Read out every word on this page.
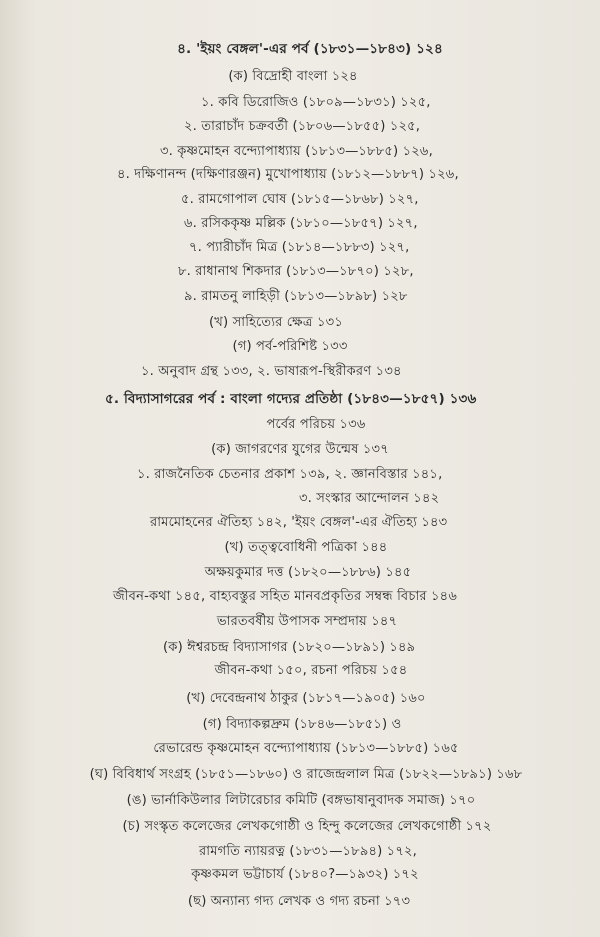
৪. 'ইয়ং বেঙ্গল'-এর পর্ব (১৮৩১—১৮৪৩) ১২৪
(ক) বিদ্রোহী বাংলা ১২৪
১. কবি ডিরোজিও (১৮০৯—১৮৩১) ১২৫,
২. তারাচাঁদ চক্রবর্তী (১৮০৬—১৮৫৫) ১২৫,
৩. কৃষ্ণমোহন বন্দ্যোপাধ্যায় (১৮১৩—১৮৮৫) ১২৬,
৪. দক্ষিণানন্দ (দক্ষিণারঞ্জন) মুখোপাধ্যায় (১৮১২—১৮৮৭) ১২৬,
৫. রামগোপাল ঘোষ (১৮১৫—১৮৬৮) ১২৭,
৬. রসিককৃষ্ণ মল্লিক (১৮১০—১৮৫৭) ১২৭,
৭. প্যারীচাঁদ মিত্র (১৮১৪—১৮৮৩) ১২৭,
৮. রাধানাথ শিকদার (১৮১৩—১৮৭০) ১২৮,
৯. রামতনু লাহিড়ী (১৮১৩—১৮৯৮) ১২৮
(খ) সাহিত্যের ক্ষেত্র ১৩১
(গ) পর্ব-পরিশিষ্ট ১৩৩
১. অনুবাদ গ্রন্থ ১৩৩, ২. ভাষারূপ-স্থিরীকরণ ১৩৪
৫. বিদ্যাসাগরের পর্ব : বাংলা গদ্যের প্রতিষ্ঠা (১৮৪৩—১৮৫৭) ১৩৬
পর্বের পরিচয় ১৩৬
(ক) জাগরণের যুগের উন্মেষ ১৩৭
১. রাজনৈতিক চেতনার প্রকাশ ১৩৯, ২. জ্ঞানবিস্তার ১৪১,
৩. সংস্কার আন্দোলন ১৪২
রামমোহনের ঐতিহ্য ১৪২, 'ইয়ং বেঙ্গল'-এর ঐতিহ্য ১৪৩
(খ) তত্ত্ববোধিনী পত্রিকা ১৪৪
অক্ষয়কুমার দত্ত (১৮২০—১৮৮৬) ১৪৫
জীবন-কথা ১৪৫, বাহ্যবস্তুর সহিত মানবপ্রকৃতির সম্বন্ধ বিচার ১৪৬
ভারতবর্ষীয় উপাসক সম্প্রদায় ১৪৭
(ক) ঈশ্বরচন্দ্র বিদ্যাসাগর (১৮২০—১৮৯১) ১৪৯
জীবন-কথা ১৫০, রচনা পরিচয় ১৫৪
(খ) দেবেন্দ্রনাথ ঠাকুর (১৮১৭—১৯০৫) ১৬০
(গ) বিদ্যাকল্পদ্রুম (১৮৪৬—১৮৫১) ও
রেভারেন্ড কৃষ্ণমোহন বন্দ্যোপাধ্যায় (১৮১৩—১৮৮৫) ১৬৫
(ঘ) বিবিধার্থ সংগ্রহ (১৮৫১—১৮৬০) ও রাজেন্দ্রলাল মিত্র (১৮২২—১৮৯১) ১৬৮
(ঙ) ভার্নাকিউলার লিটারেচার কমিটি (বঙ্গভাষানুবাদক সমাজ) ১৭০
(চ) সংস্কৃত কলেজের লেখকগোষ্ঠী ও হিন্দু কলেজের লেখকগোষ্ঠী ১৭২
রামগতি ন্যায়রত্ন (১৮৩১—১৮৯৪) ১৭২,
কৃষ্ণকমল ভট্টাচার্য (১৮৪০?—১৯৩২) ১৭২
(ছ) অন্যান্য গদ্য লেখক ও গদ্য রচনা ১৭৩
